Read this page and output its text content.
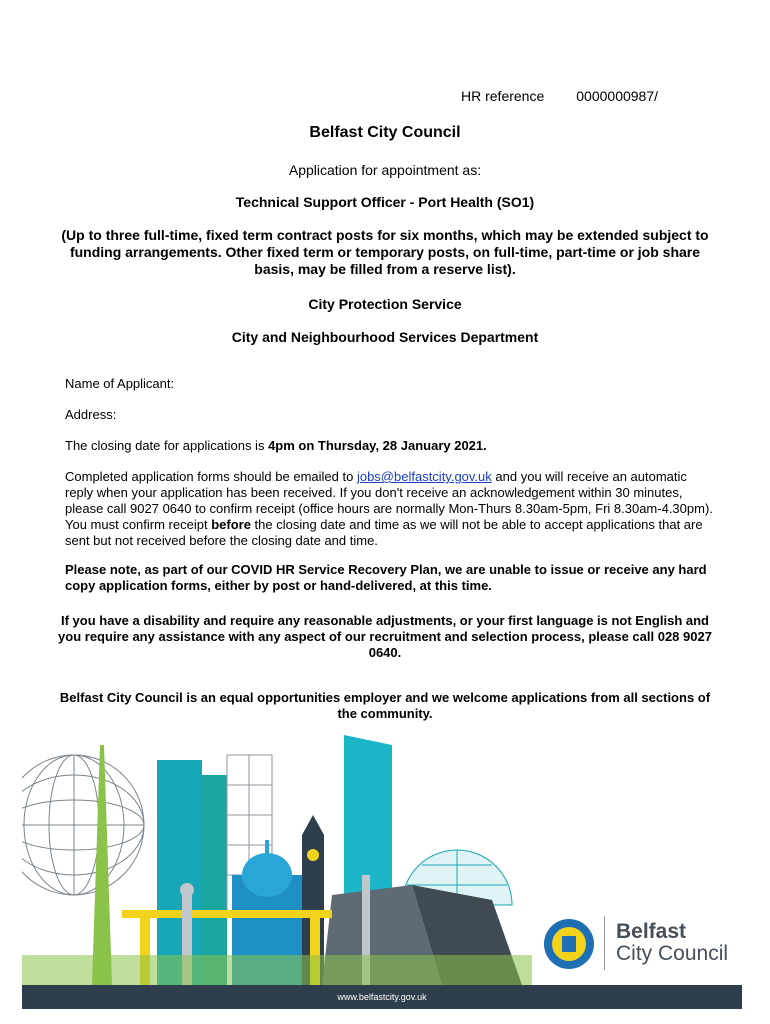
HR reference 0000000987/
Belfast City Council
Application for appointment as:
Technical Support Officer - Port Health (SO1)
(Up to three full-time, fixed term contract posts for six months, which may be extended subject to funding arrangements. Other fixed term or temporary posts, on full-time, part-time or job share basis, may be filled from a reserve list).
City Protection Service
City and Neighbourhood Services Department
Name of Applicant:
Address:
The closing date for applications is 4pm on Thursday, 28 January 2021.
Completed application forms should be emailed to jobs@belfastcity.gov.uk and you will receive an automatic reply when your application has been received. If you don't receive an acknowledgement within 30 minutes, please call 9027 0640 to confirm receipt (office hours are normally Mon-Thurs 8.30am-5pm, Fri 8.30am-4.30pm). You must confirm receipt before the closing date and time as we will not be able to accept applications that are sent but not received before the closing date and time.
Please note, as part of our COVID HR Service Recovery Plan, we are unable to issue or receive any hard copy application forms, either by post or hand-delivered, at this time.
If you have a disability and require any reasonable adjustments, or your first language is not English and you require any assistance with any aspect of our recruitment and selection process, please call 028 9027 0640.
Belfast City Council is an equal opportunities employer and we welcome applications from all sections of the community.
Belfast
City Council
www.belfastcity.gov.uk
